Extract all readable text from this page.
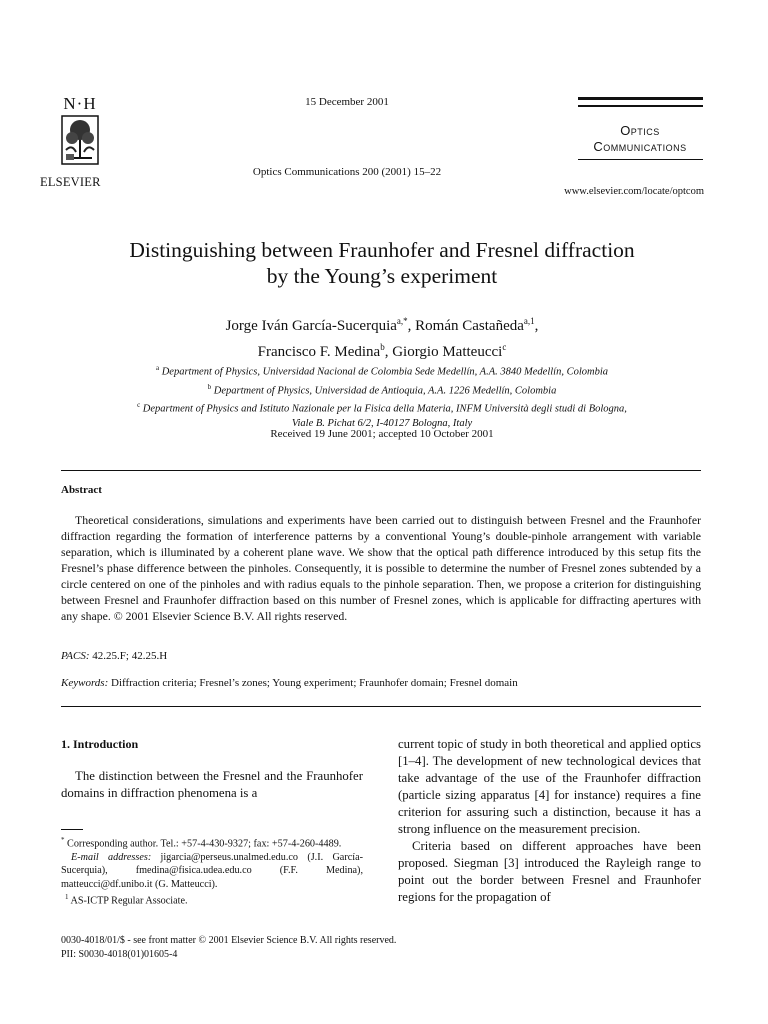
N·H
ELSEVIER
15 December 2001
Optics Communications 200 (2001) 15–22
Optics
Communications
www.elsevier.com/locate/optcom
Distinguishing between Fraunhofer and Fresnel diffraction
by the Young’s experiment
Jorge Iván García-Sucerquia$^{a,*}$, Román Castañeda$^{a,1}$,
Francisco F. Medina$^b$, Giorgio Matteucci$^c$
$^a$ Department of Physics, Universidad Nacional de Colombia Sede Medellín, A.A. 3840 Medellín, Colombia
$^b$ Department of Physics, Universidad de Antioquia, A.A. 1226 Medellín, Colombia
$^c$ Department of Physics and Istituto Nazionale per la Fisica della Materia, INFM Università degli studi di Bologna,
Viale B. Pichat 6/2, I-40127 Bologna, Italy
Received 19 June 2001; accepted 10 October 2001
Abstract
Theoretical considerations, simulations and experiments have been carried out to distinguish between Fresnel and the Fraunhofer diffraction regarding the formation of interference patterns by a conventional Young’s double-pinhole arrangement with variable separation, which is illuminated by a coherent plane wave. We show that the optical path difference introduced by this setup fits the Fresnel’s phase difference between the pinholes. Consequently, it is possible to determine the number of Fresnel zones subtended by a circle centered on one of the pinholes and with radius equals to the pinhole separation. Then, we propose a criterion for distinguishing between Fresnel and Fraunhofer diffraction based on this number of Fresnel zones, which is applicable for diffracting apertures with any shape. © 2001 Elsevier Science B.V. All rights reserved.
PACS: 42.25.F; 42.25.H
Keywords: Diffraction criteria; Fresnel’s zones; Young experiment; Fraunhofer domain; Fresnel domain
1. Introduction

The distinction between the Fresnel and the Fraunhofer domains in diffraction phenomena is a

* Corresponding author. Tel.: +57-4-430-9327; fax: +57-4-260-4489.

E-mail addresses: jigarcia@perseus.unalmed.edu.co (J.I. García-Sucerquia), fmedina@fisica.udea.edu.co (F.F. Medina), matteucci@df.unibo.it (G. Matteucci).

$^1$ AS-ICTP Regular Associate.

current topic of study in both theoretical and applied optics [1–4]. The development of new technological devices that take advantage of the use of the Fraunhofer diffraction (particle sizing apparatus [4] for instance) requires a fine criterion for assuring such a distinction, because it has a strong influence on the measurement precision.

Criteria based on different approaches have been proposed. Siegman [3] introduced the Rayleigh range to point out the border between Fresnel and Fraunhofer regions for the propagation of

0030-4018/01/$ - see front matter © 2001 Elsevier Science B.V. All rights reserved.
PII: S0030-4018(01)01605-4
